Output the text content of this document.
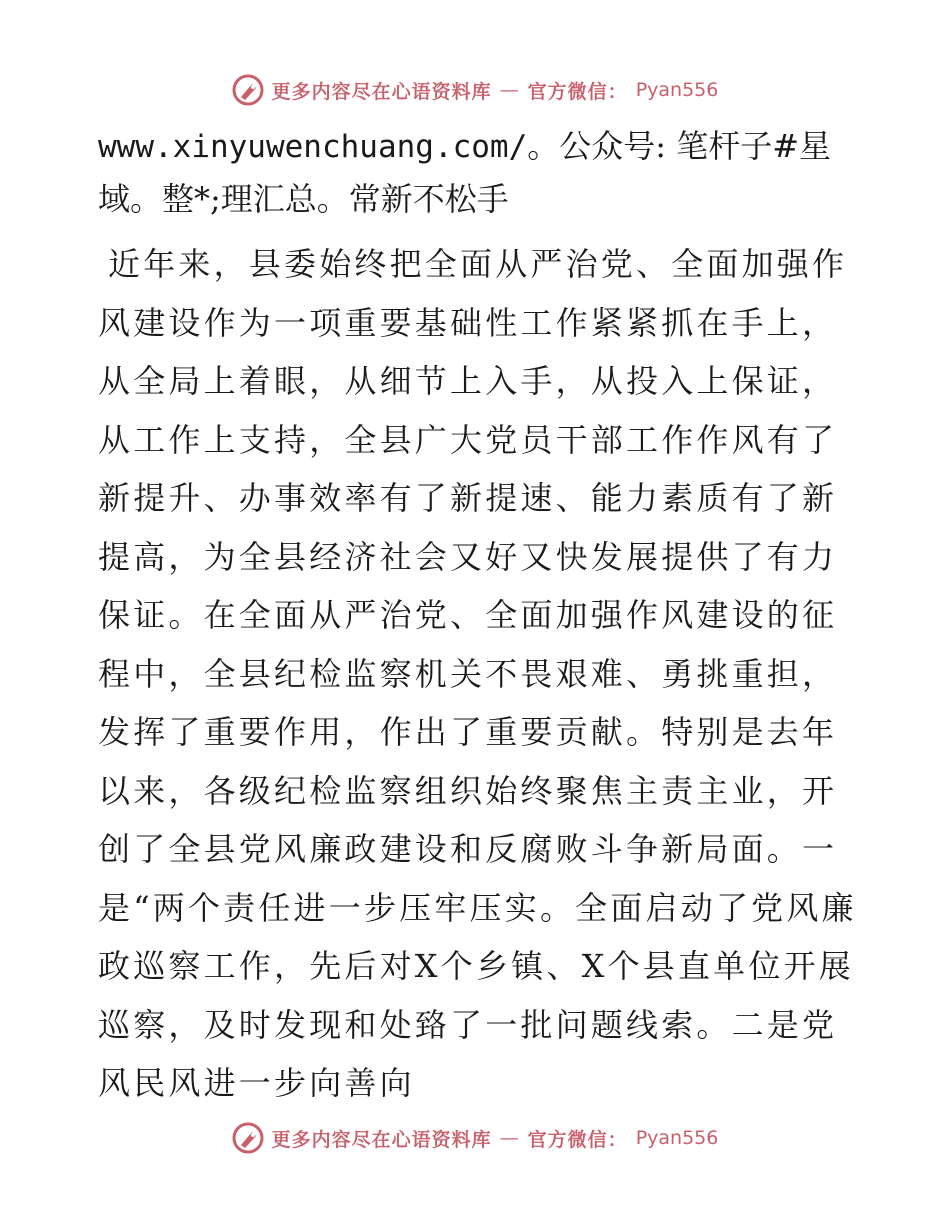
更多内容尽在心语资料库 — 官方微信： Pyan556

www.xinyuwenchuang.com/。公众号: 笔杆子#星域。整*;理汇总。常新不松手

近年来，县委始终把全面从严治党、全面加强作风建设作为一项重要基础性工作紧紧抓在手上，从全局上着眼，从细节上入手，从投入上保证，从工作上支持，全县广大党员干部工作作风有了新提升、办事效率有了新提速、能力素质有了新提高，为全县经济社会又好又快发展提供了有力保证。在全面从严治党、全面加强作风建设的征程中，全县纪检监察机关不畏艰难、勇挑重担，发挥了重要作用，作出了重要贡献。特别是去年以来，各级纪检监察组织始终聚焦主责主业，开创了全县党风廉政建设和反腐败斗争新局面。一是“两个责任进一步压牢压实。全面启动了党风廉政巡察工作，先后对X个乡镇、X个县直单位开展巡察，及时发现和处臵了一批问题线索。二是党风民风进一步向善向

更多内容尽在心语资料库 — 官方微信： Pyan556
